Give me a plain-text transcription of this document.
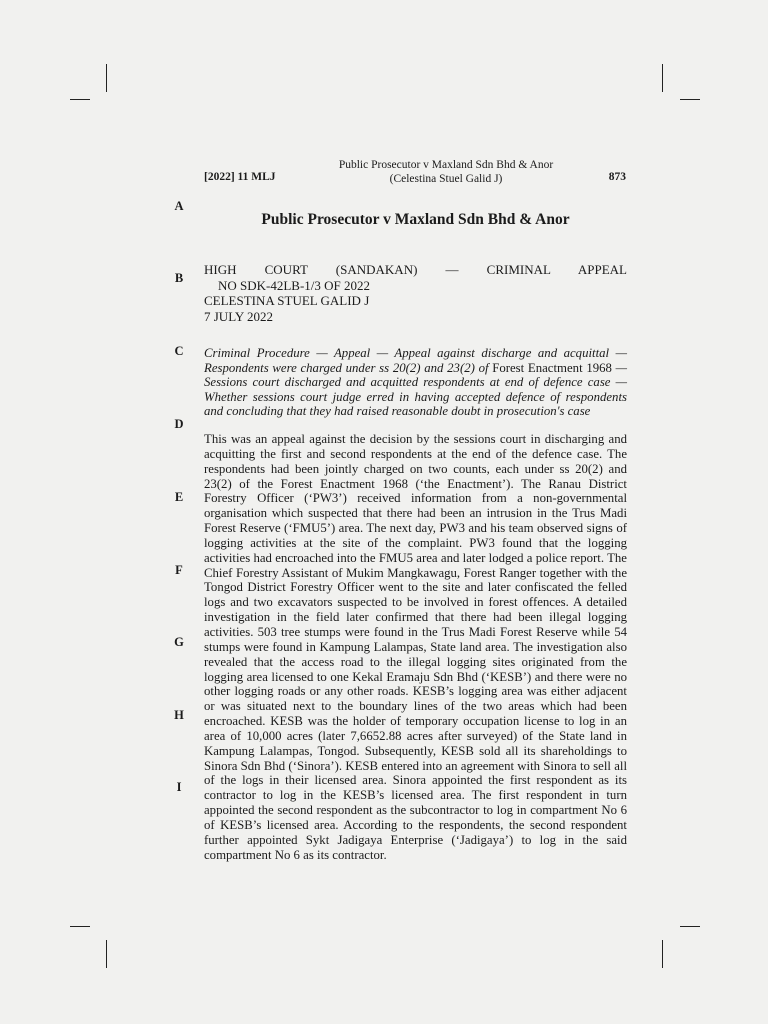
Public Prosecutor v Maxland Sdn Bhd & Anor
(Celestina Stuel Galid J)
[2022] 11 MLJ	873
A
B
C
D
E
F
G
H
I
Public Prosecutor v Maxland Sdn Bhd & Anor
HIGH COURT (SANDAKAN) — CRIMINAL APPEAL
NO SDK-42LB-1/3 OF 2022
CELESTINA STUEL GALID J
7 JULY 2022
Criminal Procedure — Appeal — Appeal against discharge and acquittal — Respondents were charged under ss 20(2) and 23(2) of Forest Enactment 1968 — Sessions court discharged and acquitted respondents at end of defence case — Whether sessions court judge erred in having accepted defence of respondents and concluding that they had raised reasonable doubt in prosecution's case
This was an appeal against the decision by the sessions court in discharging and acquitting the first and second respondents at the end of the defence case. The respondents had been jointly charged on two counts, each under ss 20(2) and 23(2) of the Forest Enactment 1968 (‘the Enactment’). The Ranau District Forestry Officer (‘PW3’) received information from a non-governmental organisation which suspected that there had been an intrusion in the Trus Madi Forest Reserve (‘FMU5’) area. The next day, PW3 and his team observed signs of logging activities at the site of the complaint. PW3 found that the logging activities had encroached into the FMU5 area and later lodged a police report. The Chief Forestry Assistant of Mukim Mangkawagu, Forest Ranger together with the Tongod District Forestry Officer went to the site and later confiscated the felled logs and two excavators suspected to be involved in forest offences. A detailed investigation in the field later confirmed that there had been illegal logging activities. 503 tree stumps were found in the Trus Madi Forest Reserve while 54 stumps were found in Kampung Lalampas, State land area. The investigation also revealed that the access road to the illegal logging sites originated from the logging area licensed to one Kekal Eramaju Sdn Bhd (‘KESB’) and there were no other logging roads or any other roads. KESB’s logging area was either adjacent or was situated next to the boundary lines of the two areas which had been encroached. KESB was the holder of temporary occupation license to log in an area of 10,000 acres (later 7,6652.88 acres after surveyed) of the State land in Kampung Lalampas, Tongod. Subsequently, KESB sold all its shareholdings to Sinora Sdn Bhd (‘Sinora’). KESB entered into an agreement with Sinora to sell all of the logs in their licensed area. Sinora appointed the first respondent as its contractor to log in the KESB’s licensed area. The first respondent in turn appointed the second respondent as the subcontractor to log in compartment No 6 of KESB’s licensed area. According to the respondents, the second respondent further appointed Sykt Jadigaya Enterprise (‘Jadigaya’) to log in the said compartment No 6 as its contractor.
